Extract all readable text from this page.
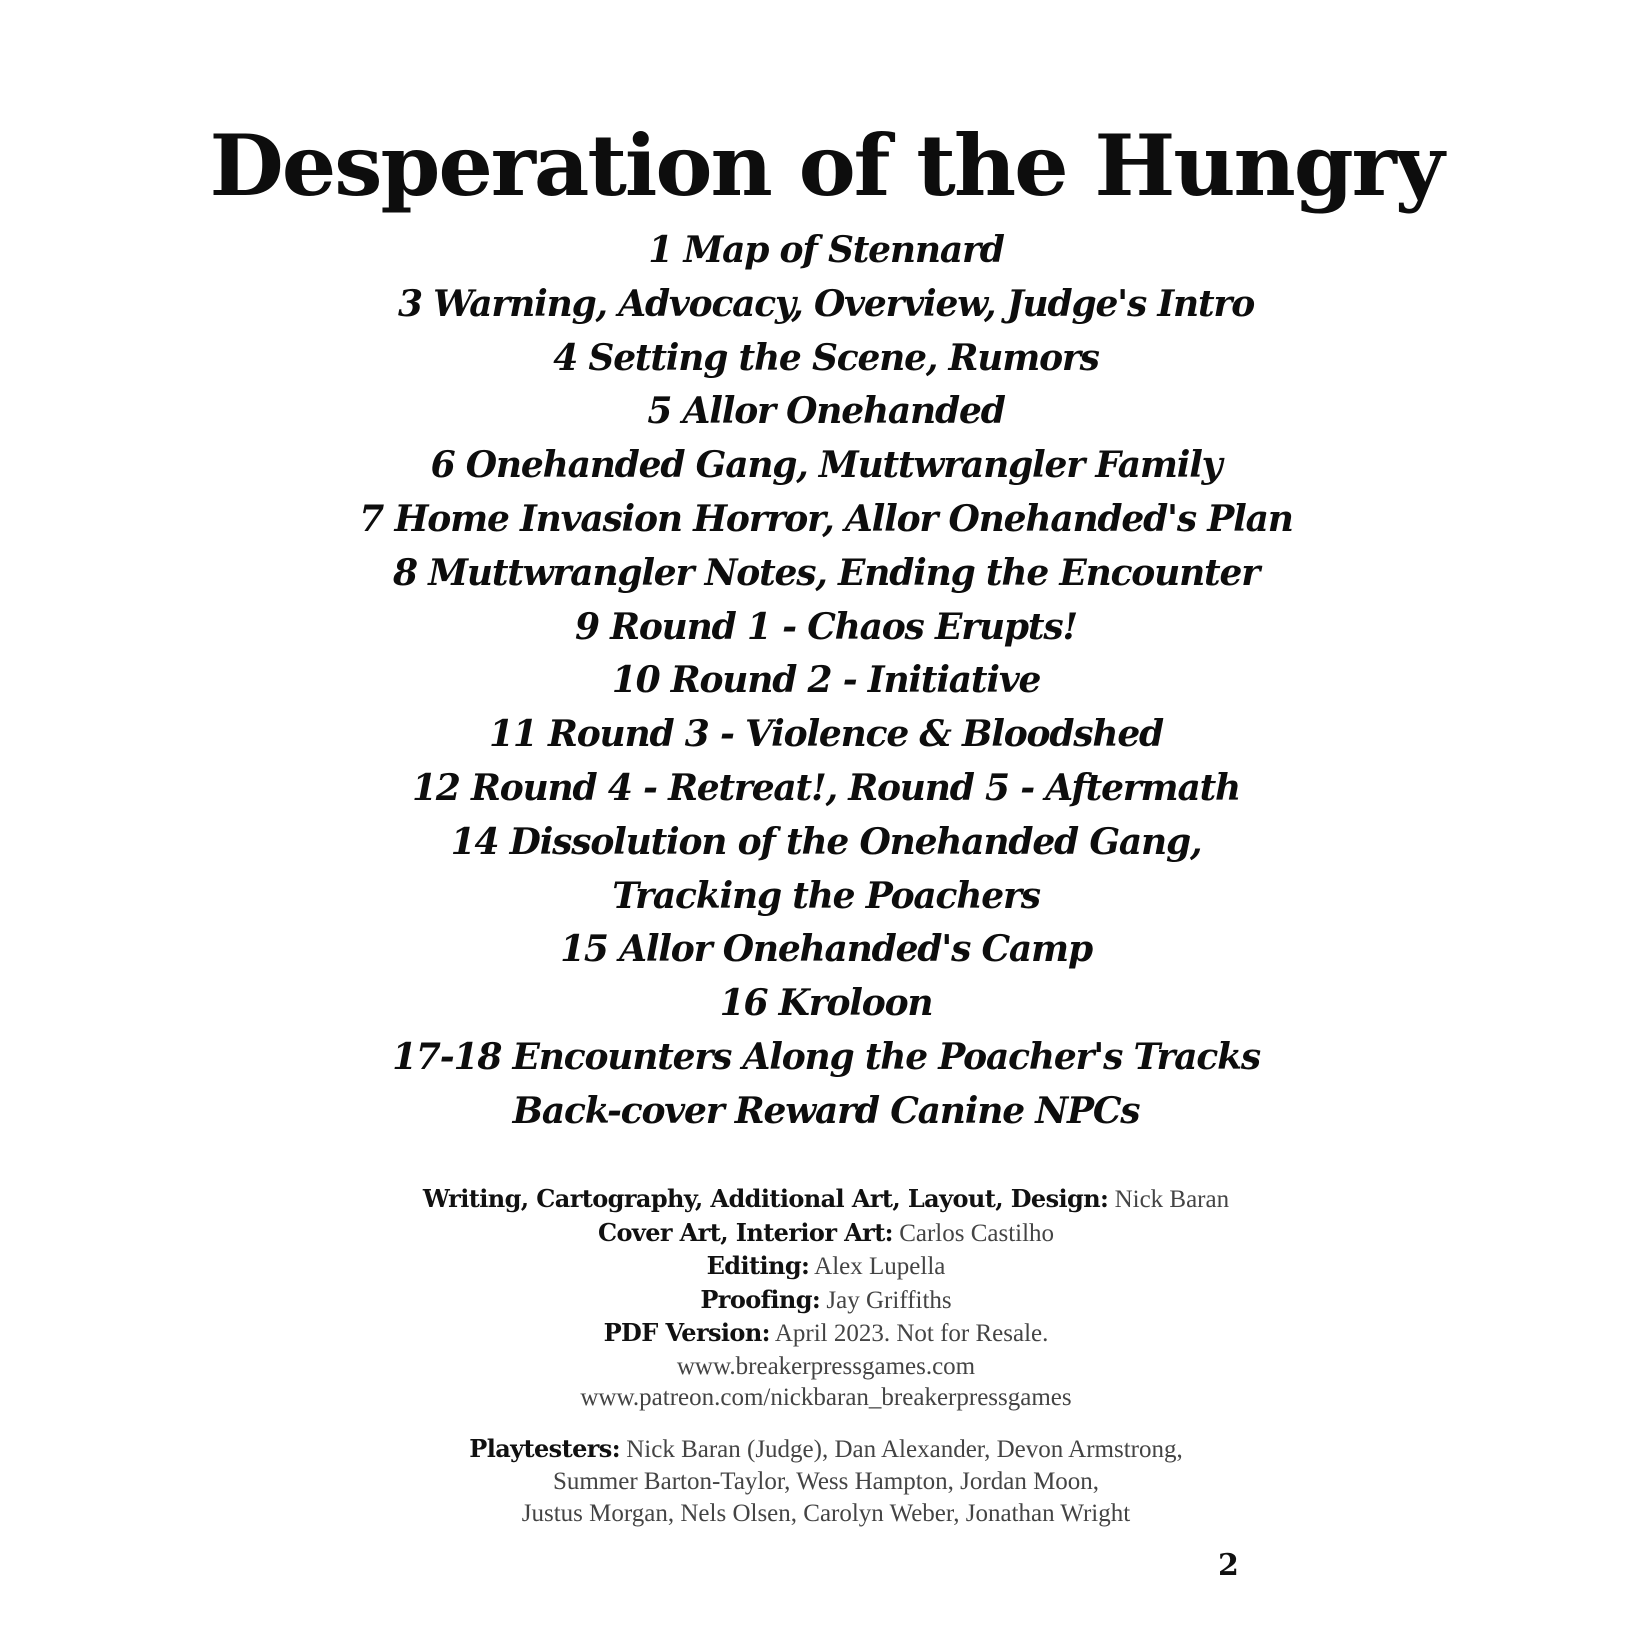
Desperation of the Hungry
1 Map of Stennard
3 Warning, Advocacy, Overview, Judge's Intro
4 Setting the Scene, Rumors
5 Allor Onehanded
6 Onehanded Gang, Muttwrangler Family
7 Home Invasion Horror, Allor Onehanded's Plan
8 Muttwrangler Notes, Ending the Encounter
9 Round 1 - Chaos Erupts!
10 Round 2 - Initiative
11 Round 3 - Violence & Bloodshed
12 Round 4 - Retreat!, Round 5 - Aftermath
14 Dissolution of the Onehanded Gang,
Tracking the Poachers
15 Allor Onehanded's Camp
16 Kroloon
17-18 Encounters Along the Poacher's Tracks
Back-cover Reward Canine NPCs
Writing, Cartography, Additional Art, Layout, Design: Nick Baran
Cover Art, Interior Art: Carlos Castilho
Editing: Alex Lupella
Proofing: Jay Griffiths
PDF Version: April 2023. Not for Resale.
www.breakerpressgames.com
www.patreon.com/nickbaran_breakerpressgames
Playtesters: Nick Baran (Judge), Dan Alexander, Devon Armstrong,
Summer Barton-Taylor, Wess Hampton, Jordan Moon,
Justus Morgan, Nels Olsen, Carolyn Weber, Jonathan Wright
2
